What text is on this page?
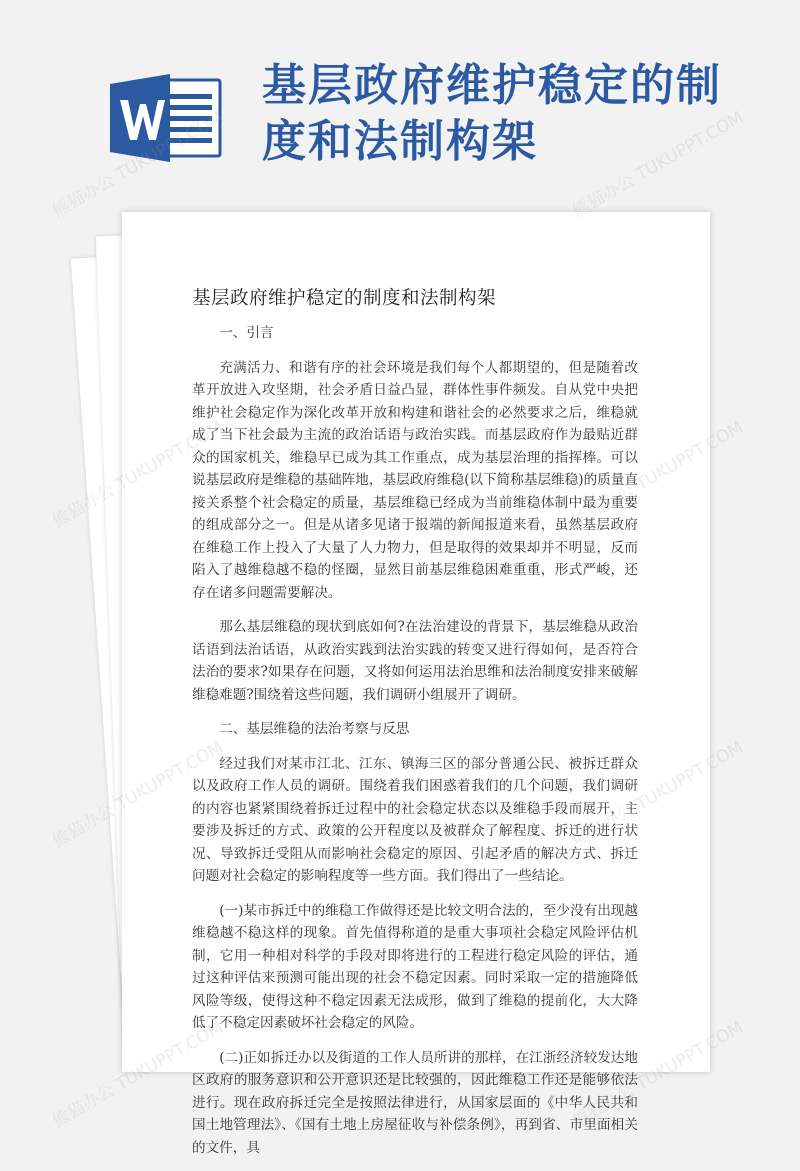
基层政府维护稳定的制
度和法制构架
基层政府维护稳定的制度和法制构架

一、引言

充满活力、和谐有序的社会环境是我们每个人都期望的，但是随着改革开放进入攻坚期，社会矛盾日益凸显，群体性事件频发。自从党中央把维护社会稳定作为深化改革开放和构建和谐社会的必然要求之后，维稳就成了当下社会最为主流的政治话语与政治实践。而基层政府作为最贴近群众的国家机关，维稳早已成为其工作重点，成为基层治理的指挥棒。可以说基层政府是维稳的基础阵地，基层政府维稳(以下简称基层维稳)的质量直接关系整个社会稳定的质量，基层维稳已经成为当前维稳体制中最为重要的组成部分之一。但是从诸多见诸于报端的新闻报道来看，虽然基层政府在维稳工作上投入了大量了人力物力，但是取得的效果却并不明显，反而陷入了越维稳越不稳的怪圈，显然目前基层维稳困难重重，形式严峻，还存在诸多问题需要解决。

那么基层维稳的现状到底如何?在法治建设的背景下，基层维稳从政治话语到法治话语，从政治实践到法治实践的转变又进行得如何，是否符合法治的要求?如果存在问题，又将如何运用法治思维和法治制度安排来破解维稳难题?围绕着这些问题，我们调研小组展开了调研。

二、基层维稳的法治考察与反思

经过我们对某市江北、江东、镇海三区的部分普通公民、被拆迁群众以及政府工作人员的调研。围绕着我们困惑着我们的几个问题，我们调研的内容也紧紧围绕着拆迁过程中的社会稳定状态以及维稳手段而展开，主要涉及拆迁的方式、政策的公开程度以及被群众了解程度、拆迁的进行状况、导致拆迁受阻从而影响社会稳定的原因、引起矛盾的解决方式、拆迁问题对社会稳定的影响程度等一些方面。我们得出了一些结论。

(一)某市拆迁中的维稳工作做得还是比较文明合法的，至少没有出现越维稳越不稳这样的现象。首先值得称道的是重大事项社会稳定风险评估机制，它用一种相对科学的手段对即将进行的工程进行稳定风险的评估，通过这种评估来预测可能出现的社会不稳定因素。同时采取一定的措施降低风险等级，使得这种不稳定因素无法成形，做到了维稳的提前化，大大降低了不稳定因素破坏社会稳定的风险。

(二)正如拆迁办以及街道的工作人员所讲的那样，在江浙经济较发达地区政府的服务意识和公开意识还是比较强的，因此维稳工作还是能够依法进行。现在政府拆迁完全是按照法律进行，从国家层面的《中华人民共和国土地管理法》、《国有土地上房屋征收与补偿条例》，再到省、市里面相关的文件，具

熊猫办公 TUKUPPT.COM	熊猫办公 TUKUPPT.COM
熊猫办公
熊猫办公
熊猫办公 TUKUPPT.COM	熊猫办公 TUKUPPT.COM
